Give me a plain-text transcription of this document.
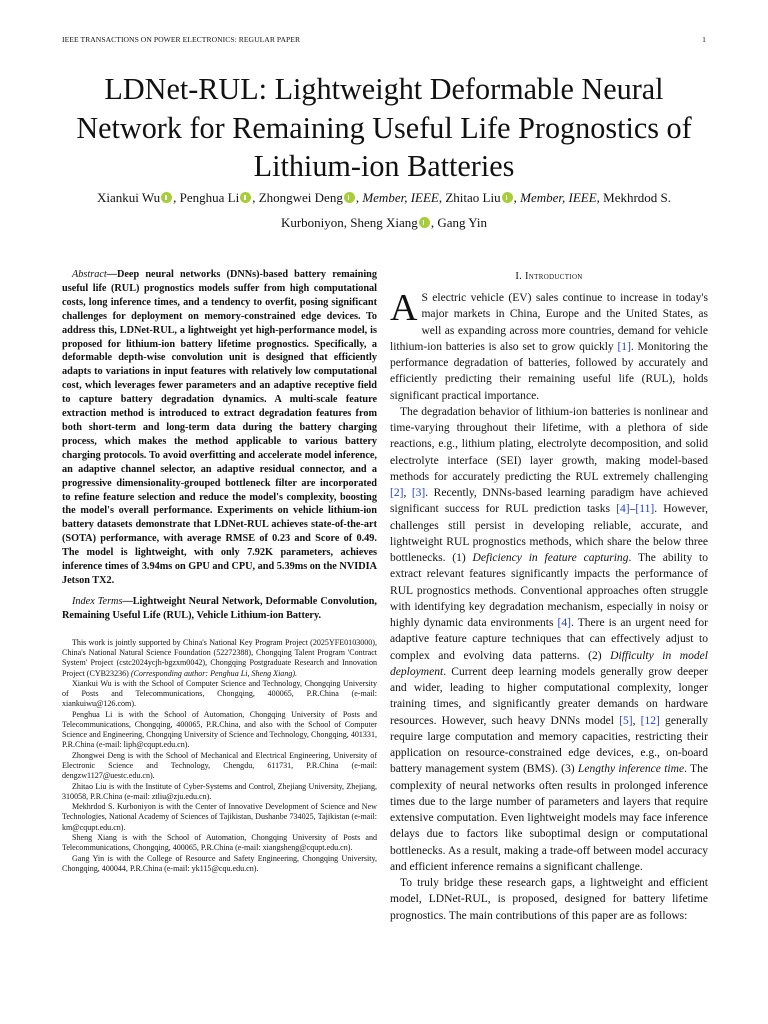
IEEE TRANSACTIONS ON POWER ELECTRONICS: REGULAR PAPER	1
LDNet-RUL: Lightweight Deformable Neural
Network for Remaining Useful Life Prognostics of
Lithium-ion Batteries
Xiankui Wu , Penghua Li , Zhongwei Deng , Member, IEEE, Zhitao Liu , Member, IEEE, Mekhrdod S.
Kurboniyon, Sheng Xiang , Gang Yin
Abstract—Deep neural networks (DNNs)-based battery remaining useful life (RUL) prognostics models suffer from high computational costs, long inference times, and a tendency to overfit, posing significant challenges for deployment on memory-constrained edge devices. To address this, LDNet-RUL, a lightweight yet high-performance model, is proposed for lithium-ion battery lifetime prognostics. Specifically, a deformable depth-wise convolution unit is designed that efficiently adapts to variations in input features with relatively low computational cost, which leverages fewer parameters and an adaptive receptive field to capture battery degradation dynamics. A multi-scale feature extraction method is introduced to extract degradation features from both short-term and long-term data during the battery charging process, which makes the method applicable to various battery charging protocols. To avoid overfitting and accelerate model inference, an adaptive channel selector, an adaptive residual connector, and a progressive dimensionality-grouped bottleneck filter are incorporated to refine feature selection and reduce the model's complexity, boosting the model's overall performance. Experiments on vehicle lithium-ion battery datasets demonstrate that LDNet-RUL achieves state-of-the-art (SOTA) performance, with average RMSE of 0.23 and Score of 0.49. The model is lightweight, with only 7.92K parameters, achieves inference times of 3.94ms on GPU and CPU, and 5.39ms on the NVIDIA Jetson TX2.
Index Terms—Lightweight Neural Network, Deformable Convolution, Remaining Useful Life (RUL), Vehicle Lithium-ion Battery.

This work is jointly supported by China's National Key Program Project (2025YFE0103000), China's National Natural Science Foundation (52272388), Chongqing Talent Program 'Contract System' Project (cstc2024ycjh-bgzxm0042), Chongqing Postgraduate Research and Innovation Project (CYB23236) (Corresponding author: Penghua Li, Sheng Xiang).

Xiankui Wu is with the School of Computer Science and Technology, Chongqing University of Posts and Telecommunications, Chongqing, 400065, P.R.China (e-mail: xiankuiwu@126.com).

Penghua Li is with the School of Automation, Chongqing University of Posts and Telecommunications, Chongqing, 400065, P.R.China, and also with the School of Computer Science and Engineering, Chongqing University of Science and Technology, Chongqing, 401331, P.R.China (e-mail: liph@cqupt.edu.cn).

Zhongwei Deng is with the School of Mechanical and Electrical Engineering, University of Electronic Science and Technology, Chengdu, 611731, P.R.China (e-mail: dengzw1127@uestc.edu.cn).

Zhitao Liu is with the Institute of Cyber-Systems and Control, Zhejiang University, Zhejiang, 310058, P.R.China (e-mail: ztliu@zju.edu.cn).

Mekhrdod S. Kurboniyon is with the Center of Innovative Development of Science and New Technologies, National Academy of Sciences of Tajikistan, Dushanbe 734025, Tajikistan (e-mail: km@cqupt.edu.cn).

Sheng Xiang is with the School of Automation, Chongqing University of Posts and Telecommunications, Chongqing, 400065, P.R.China (e-mail: xiangsheng@cqupt.edu.cn).

Gang Yin is with the College of Resource and Safety Engineering, Chongqing University, Chongqing, 400044, P.R.China (e-mail: yk115@cqu.edu.cn).

I. Introduction

A S electric vehicle (EV) sales continue to increase in today's major markets in China, Europe and the United States, as well as expanding across more countries, demand for vehicle lithium-ion batteries is also set to grow quickly [1]. Monitoring the performance degradation of batteries, followed by accurately and efficiently predicting their remaining useful life (RUL), holds significant practical importance.

The degradation behavior of lithium-ion batteries is nonlinear and time-varying throughout their lifetime, with a plethora of side reactions, e.g., lithium plating, electrolyte decomposition, and solid electrolyte interface (SEI) layer growth, making model-based methods for accurately predicting the RUL extremely challenging [2], [3]. Recently, DNNs-based learning paradigm have achieved significant success for RUL prediction tasks [4]–[11]. However, challenges still persist in developing reliable, accurate, and lightweight RUL prognostics methods, which share the below three bottlenecks. (1) Deficiency in feature capturing. The ability to extract relevant features significantly impacts the performance of RUL prognostics methods. Conventional approaches often struggle with identifying key degradation mechanism, especially in noisy or highly dynamic data environments [4]. There is an urgent need for adaptive feature capture techniques that can effectively adjust to complex and evolving data patterns. (2) Difficulty in model deployment. Current deep learning models generally grow deeper and wider, leading to higher computational complexity, longer training times, and significantly greater demands on hardware resources. However, such heavy DNNs model [5], [12] generally require large computation and memory capacities, restricting their application on resource-constrained edge devices, e.g., on-board battery management system (BMS). (3) Lengthy inference time. The complexity of neural networks often results in prolonged inference times due to the large number of parameters and layers that require extensive computation. Even lightweight models may face inference delays due to factors like suboptimal design or computational bottlenecks. As a result, making a trade-off between model accuracy and efficient inference remains a significant challenge.

To truly bridge these research gaps, a lightweight and efficient model, LDNet-RUL, is proposed, designed for battery lifetime prognostics. The main contributions of this paper are as follows:
